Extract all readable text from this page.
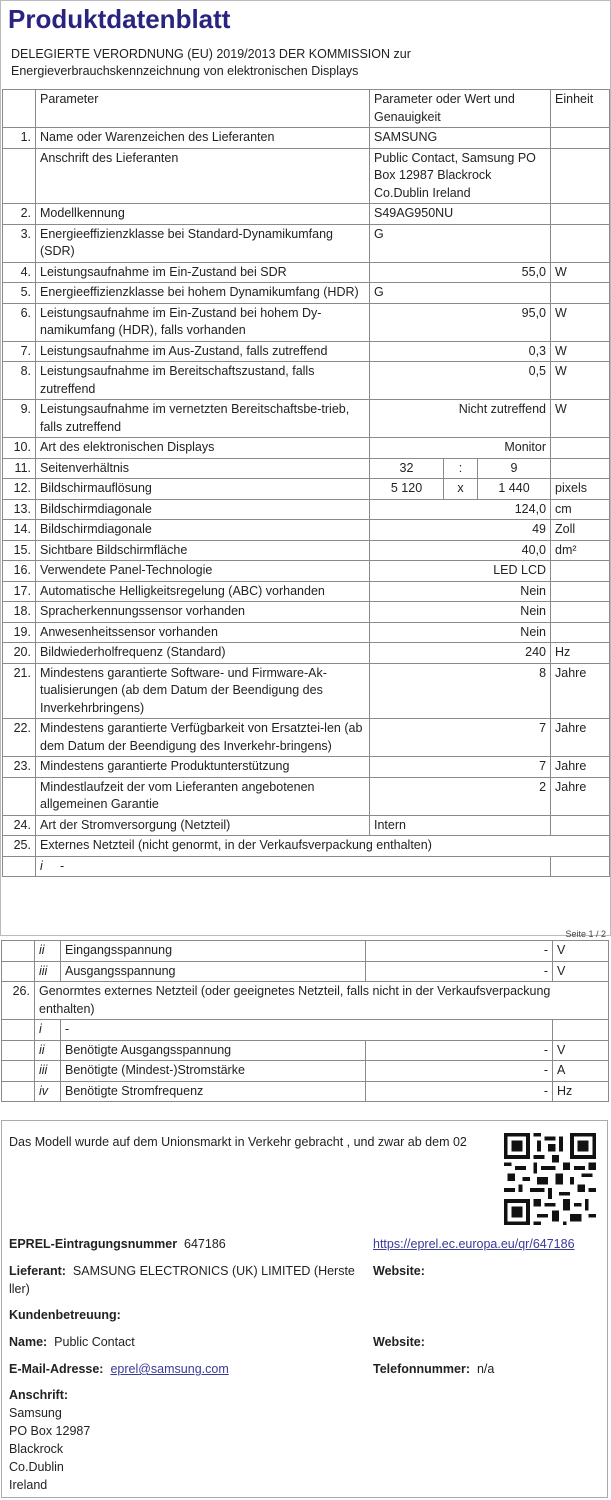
Produktdatenblatt
DELEGIERTE VERORDNUNG (EU) 2019/2013 DER KOMMISSION zur Energieverbrauchskennzeichnung von elektronischen Displays
	Parameter	Parameter oder Wert und Genauigkeit			Einheit
1.	Name oder Warenzeichen des Lieferanten	SAMSUNG			
	Anschrift des Lieferanten	Public Contact, Samsung PO Box 12987 Blackrock Co.Dublin Ireland			
2.	Modellkennung	S49AG950NU			
3.	Energieeffizienzklasse bei Standard-Dynamikumfang (SDR)	G			
4.	Leistungsaufnahme im Ein-Zustand bei SDR	55,0			W
5.	Energieeffizienzklasse bei hohem Dynamikumfang (HDR)	G			
6.	Leistungsaufnahme im Ein-Zustand bei hohem Dy-namikumfang (HDR), falls vorhanden	95,0			W
7.	Leistungsaufnahme im Aus-Zustand, falls zutreffend	0,3			W
8.	Leistungsaufnahme im Bereitschaftszustand, falls zutreffend	0,5			W
9.	Leistungsaufnahme im vernetzten Bereitschaftsbe-trieb, falls zutreffend	Nicht zutreffend			W
10.	Art des elektronischen Displays	Monitor			
11.	Seitenverhältnis	32	:	9	
12.	Bildschirmauflösung	5 120	x	1 440	pixels
13.	Bildschirmdiagonale	124,0			cm
14.	Bildschirmdiagonale	49			Zoll
15.	Sichtbare Bildschirmfläche	40,0			dm²
16.	Verwendete Panel-Technologie	LED LCD			
17.	Automatische Helligkeitsregelung (ABC) vorhanden	Nein			
18.	Spracherkennungssensor vorhanden	Nein			
19.	Anwesenheitssensor vorhanden	Nein			
20.	Bildwiederholfrequenz (Standard)	240			Hz
21.	Mindestens garantierte Software- und Firmware-Ak-tualisierungen (ab dem Datum der Beendigung des Inverkehrbringens)	8			Jahre
22.	Mindestens garantierte Verfügbarkeit von Ersatztei-len (ab dem Datum der Beendigung des Inverkehr-bringens)	7			Jahre
23.	Mindestens garantierte Produktunterstützung	7			Jahre
	Mindestlaufzeit der vom Lieferanten angebotenen allgemeinen Garantie	2			Jahre
24.	Art der Stromversorgung (Netzteil)	Intern			
25.	Externes Netzteil (nicht genormt, in der Verkaufsverpackung enthalten)				
	i -				
Seite 1 / 2
	ii	Eingangsspannung	-	V
	iii	Ausgangsspannung	-	V
26.	Genormtes externes Netzteil (oder geeignetes Netzteil, falls nicht in der Verkaufsverpackung enthalten)			
	i	-		
	ii	Benötigte Ausgangsspannung	-	V
	iii	Benötigte (Mindest-)Stromstärke	-	A
	iv	Benötigte Stromfrequenz	-	Hz
Das Modell wurde auf dem Unionsmarkt in Verkehr gebracht , und zwar ab dem 02
EPREL-Eintragungsnummer 647186	https://eprel.ec.europa.eu/qr/647186
Lieferant: SAMSUNG ELECTRONICS (UK) LIMITED (Herste
ller)
Website:
Kundenbetreuung:
Name: Public Contact	Website:
E-Mail-Adresse: eprel@samsung.com	Telefonnummer: n/a
Anschrift:
Samsung
PO Box 12987
Blackrock
Co.Dublin
Ireland
